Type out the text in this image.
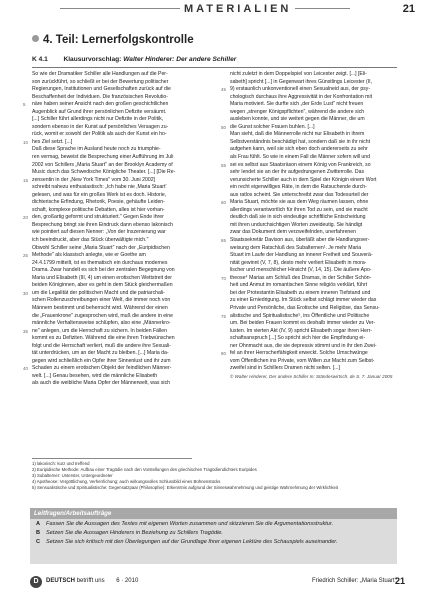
MATERIALIEN	21
4. Teil: Lernerfolgskontrolle
K 4.1 Klausurvorschlag: Walter Hinderer: Der andere Schiller

So wie der Dramatiker Schiller alle Handlungen auf die Per-

son zurückführt, so schließt er bei der Bewertung politischer

Regierungen, Institutionen und Gesellschaften zurück auf die

Beschaffenheit der Individuen. Die französischen Revolutio-

näre haben seiner Ansicht nach den großen geschichtlichen
5

Augenblick auf Grund ihrer persönlichen Defizite versäumt.

[...] Schiller führt allerdings nicht nur Defizite in der Politik,

sondern ebenso in der Kunst auf persönliches Versagen zu-

rück, womit er sowohl der Politik als auch der Kunst ein ho-

hes Ziel setzt. [...]
10

Daß diese Sprache im Ausland heute noch zu triumphie-

ren vermag, beweist die Besprechung einer Aufführung im Juli

2002 von Schillers „Maria Stuart" an der Brooklyn Academy of

Music durch das Schwedische Königliche Theater. [...] [Die Re-

zensentin in der „New York Times" vom 30. Juni 2002]
15

schreibt nahezu enthusiastisch: „Ich habe nie ‚Maria Stuart'

gelesen, und was für ein großes Werk ist es doch. Historie,

dichterische Erfindung, Rhetorik, Poesie, gehäufte Leiden-

schaft, komplexe politische Debatten, alles ist hier vorhan-

den, großartig geformt und strukturiert." Gegen Ende ihrer
20

Besprechung bringt sie ihren Eindruck dann ebenso lakonisch

wie pointiert auf diesen Nenner: „Von der Inszenierung war

ich beeindruckt, aber das Stück überwältigte mich."

Obwohl Schiller seine „Maria Stuart" nach der „Euripidischen

Methode" als klassisch anlegte, wie er Goethe am
25

24.4.1799 mitteilt, ist es thematisch ein durchaus modernes

Drama. Zwar handelt es sich bei der zentralen Begegnung von

Maria und Elisabeth (III, 4) um einen erotischen Wettstreit der

beiden Königinnen, aber es geht in dem Stück gleichermaßen

um die Legalität der politischen Macht und die patriarchali-
30

schen Rollenzuschreibungen einer Welt, die immer noch von

Männern bestimmt und beherrscht wird. Während der einen

die „Frauenkrone" zugesprochen wird, muß die andere in eine

männliche Verhaltensweise schlüpfen, also eine „Männerkro-

ne" anlegen, um die Herrschaft zu sichern. In beiden Fällen
35

kommt es zu Defiziten. Während die eine ihren Triebwünschen

folgt und die Herrschaft verliert, muß die andere ihre Sexuali-

tät unterdrücken, um an der Macht zu bleiben. [...] Maria da-

gegen wird schließlich ein Opfer ihrer Sinnenlust und ihr zum

Schaden zu einem erotischen Objekt der feindlichen Männer-
40

welt. [...] Genau besehen, wird die männliche Elisabeth

als auch die weibliche Maria Opfer der Männerwelt, was sich

nicht zuletzt in dem Doppelspiel von Leicester zeigt. [...] [Eli-

sabeth] spricht [...] in Gegenwart ihres Günstlings Leicester (II,

9) erstaunlich unkonventionell einen Sexualneid aus, der psy-
45

chologisch durchaus ihre Aggressivität in der Konfrontation mit

Maria motiviert. Sie durfte sich „der Erde Lust" nicht freuen

wegen „strenger Königspflichten", während die andere sich

ausleben konnte, und sie weitert gegen die Männer, die um

die Gunst solcher Frauen buhlen. [...]
50

Man sieht, daß die Männerrolle nicht nur Elisabeth in ihrem

Selbstverständnis beschädigt hat, sondern daß sie in ihr nicht

aufgehen kann, weil sie sich eben doch andererseits zu sehr

als Frau fühlt. So wie in einem Fall die Männer sofern will und

sei es selbst aus Staatsräson einem König von Frankreich, so
55

sehr lendet sie an der ihr aufgedrungenen Zwitterrolle. Das

verunsicherte Schiller auch in dem Spiel der Königin einem Wort

ein recht eigenwilliges Räte, in dem die Ratsuchende durch-

aus ratlos scheint. Sie unterschreibt zwar das Todesurteil der

Maria Stuart, möchte sie aus dem Weg räumen lassen, ohne
60

allerdings verantwortlich für ihren Tod zu sein, und sie macht

deutlich daß sie in sich eindeutige schriftliche Entscheidung

mit ihren undurchsichtigen Worten zweideutig. Sie händigt

zwar das Dokument dem verzweifelnden, unerfahrenen

Staatssekretär Davison aus, überläßt aber die Handlungsver-
65

weisung dem Ratschluß des Subalternen¹. Je mehr Maria

Stuart im Laufe der Handlung an innerer Freiheit und Souverä-

nität gewinnt (V, 7, 8), desto mehr verliert Elisabeth in mora-

lischer und menschlicher Hinsicht (V, 14, 15). Die äußere Apo-

theose⁴ Marias am Schluß des Dramas, in der Schiller Schön-
70

heit und Anmut im romantischen Sinne religiös verklärt, führt

bei der Protestantin Elisabeth zu einem inneren Tiefstand und

zu einer Erniedrigung. Im Stück selbst schlägt immer wieder das

Private und Persönliche, das Erotische und Religiöse, das Sensu-

alistische und Spiritualistische⁵, ins Öffentliche und Politische
75

um. Bei beiden Frauen kommt es deshalb immer wieder zu Ver-

lusten. Im vierten Akt (IV, 9) spricht Elisabeth sogar ihren Herr-

schaftsanspruch [...] So spricht sich hier die Empfindung ei-

ner Ohnmacht aus, die sie depressiv stimmt und in ihr den Zwei-

fel an ihrer Herrscherfähigkeit erweckt. Solche Umschwünge
80

vom Öffentlichen ins Private, vom Willen zur Macht zum Selbst-

zweifel sind in Schillers Dramen nicht selten. [...]

© Walter Hinderer, Der andere Schiller In: Ständeswirtsch. de S. 7. Januar 2005

1) lakonisch: kurz und treffend

2) Euripidische Methode: Aufbau einer Tragödie nach den Vorstellungen des griechischen Tragödiendichters Euripides

3) Subalterner: Unterster, Untergeordneter

4) Apotheose: Vergöttlichung, Verherrlichung; auch wirkungsvolles Schlussbild eines Bühnenstücks

5) Sensualistische und Spiritualistische: Gegensatzpaar (Philosophie): Erkenntnis aufgrund der Sinneswahrnehmung und geistige Wahrnehmung der Wirklichkeit

Leitfragen/Arbeitsaufträge
A Fassen Sie die Aussagen des Textes mit eigenen Worten zusammen und skizzieren Sie die Argumentationsstruktur.
B Setzen Sie die Aussagen Hinderers in Beziehung zu Schillers Tragödie.
C Setzen Sie sich kritisch mit den Überlegungen auf der Grundlage Ihrer eigenen Lektüre des Schauspiels auseinander.
D	DEUTSCH betrifft uns 6 · 2010	Friedrich Schiller: „Maria Stuart"
21
